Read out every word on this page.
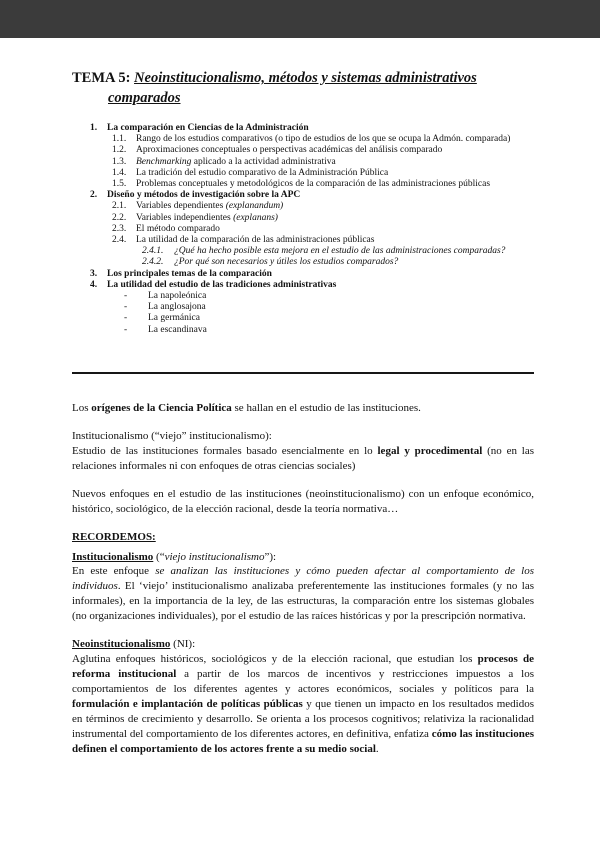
TEMA 5: Neoinstitucionalismo, métodos y sistemas administrativos comparados
1. La comparación en Ciencias de la Administración
1.1. Rango de los estudios comparativos (o tipo de estudios de los que se ocupa la Admón. comparada)
1.2. Aproximaciones conceptuales o perspectivas académicas del análisis comparado
1.3. Benchmarking aplicado a la actividad administrativa
1.4. La tradición del estudio comparativo de la Administración Pública
1.5. Problemas conceptuales y metodológicos de la comparación de las administraciones públicas
2. Diseño y métodos de investigación sobre la APC
2.1. Variables dependientes (explanandum)
2.2. Variables independientes (explanans)
2.3. El método comparado
2.4. La utilidad de la comparación de las administraciones públicas
2.4.1. ¿Qué ha hecho posible esta mejora en el estudio de las administraciones comparadas?
2.4.2. ¿Por qué son necesarios y útiles los estudios comparados?
3. Los principales temas de la comparación
4. La utilidad del estudio de las tradiciones administrativas
- La napoleónica
- La anglosajona
- La germánica
- La escandinava

Los orígenes de la Ciencia Política se hallan en el estudio de las instituciones.

Institucionalismo (“viejo” institucionalismo):

Estudio de las instituciones formales basado esencialmente en lo legal y procedimental (no en las relaciones informales ni con enfoques de otras ciencias sociales)

Nuevos enfoques en el estudio de las instituciones (neoinstitucionalismo) con un enfoque económico, histórico, sociológico, de la elección racional, desde la teoría normativa…

RECORDEMOS:
Institucionalismo (“viejo institucionalismo”):

En este enfoque se analizan las instituciones y cómo pueden afectar al comportamiento de los individuos. El ‘viejo’ institucionalismo analizaba preferentemente las instituciones formales (y no las informales), en la importancia de la ley, de las estructuras, la comparación entre los sistemas globales (no organizaciones individuales), por el estudio de las raíces históricas y por la prescripción normativa.

Neoinstitucionalismo (NI):

Aglutina enfoques históricos, sociológicos y de la elección racional, que estudian los procesos de reforma institucional a partir de los marcos de incentivos y restricciones impuestos a los comportamientos de los diferentes agentes y actores económicos, sociales y políticos para la formulación e implantación de políticas públicas y que tienen un impacto en los resultados medidos en términos de crecimiento y desarrollo. Se orienta a los procesos cognitivos; relativiza la racionalidad instrumental del comportamiento de los diferentes actores, en definitiva, enfatiza cómo las instituciones definen el comportamiento de los actores frente a su medio social.
